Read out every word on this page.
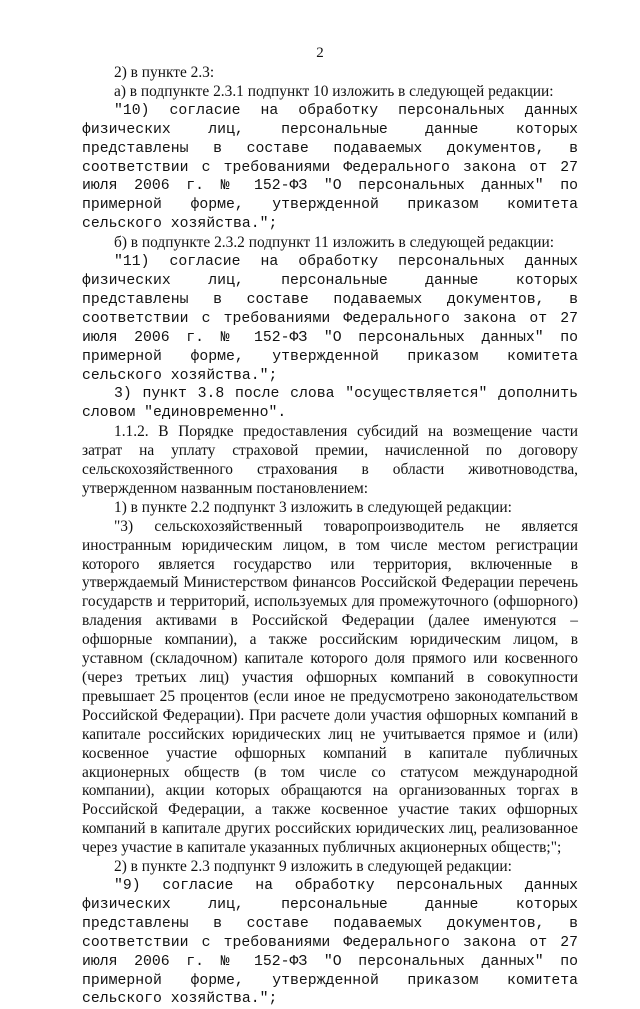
2

2) в пункте 2.3:

а) в подпункте 2.3.1 подпункт 10 изложить в следующей редакции:

"10) согласие на обработку персональных данных физических лиц, персональные данные которых представлены в составе подаваемых документов, в соответствии с требованиями Федерального закона от 27 июля 2006 г. № 152-ФЗ "О персональных данных" по примерной форме, утвержденной приказом комитета сельского хозяйства.";

б) в подпункте 2.3.2 подпункт 11 изложить в следующей редакции:

"11) согласие на обработку персональных данных физических лиц, персональные данные которых представлены в составе подаваемых документов, в соответствии с требованиями Федерального закона от 27 июля 2006 г. № 152-ФЗ "О персональных данных" по примерной форме, утвержденной приказом комитета сельского хозяйства.";

3) пункт 3.8 после слова "осуществляется" дополнить словом "единовременно".

1.1.2. В Порядке предоставления субсидий на возмещение части затрат на уплату страховой премии, начисленной по договору сельскохозяйственного страхования в области животноводства, утвержденном названным постановлением:

1) в пункте 2.2 подпункт 3 изложить в следующей редакции:

"3) сельскохозяйственный товаропроизводитель не является иностранным юридическим лицом, в том числе местом регистрации которого является государство или территория, включенные в утверждаемый Министерством финансов Российской Федерации перечень государств и территорий, используемых для промежуточного (офшорного) владения активами в Российской Федерации (далее именуются – офшорные компании), а также российским юридическим лицом, в уставном (складочном) капитале которого доля прямого или косвенного (через третьих лиц) участия офшорных компаний в совокупности превышает 25 процентов (если иное не предусмотрено законодательством Российской Федерации). При расчете доли участия офшорных компаний в капитале российских юридических лиц не учитывается прямое и (или) косвенное участие офшорных компаний в капитале публичных акционерных обществ (в том числе со статусом международной компании), акции которых обращаются на организованных торгах в Российской Федерации, а также косвенное участие таких офшорных компаний в капитале других российских юридических лиц, реализованное через участие в капитале указанных публичных акционерных обществ;";

2) в пункте 2.3 подпункт 9 изложить в следующей редакции:

"9) согласие на обработку персональных данных физических лиц, персональные данные которых представлены в составе подаваемых документов, в соответствии с требованиями Федерального закона от 27 июля 2006 г. № 152-ФЗ "О персональных данных" по примерной форме, утвержденной приказом комитета сельского хозяйства.";
